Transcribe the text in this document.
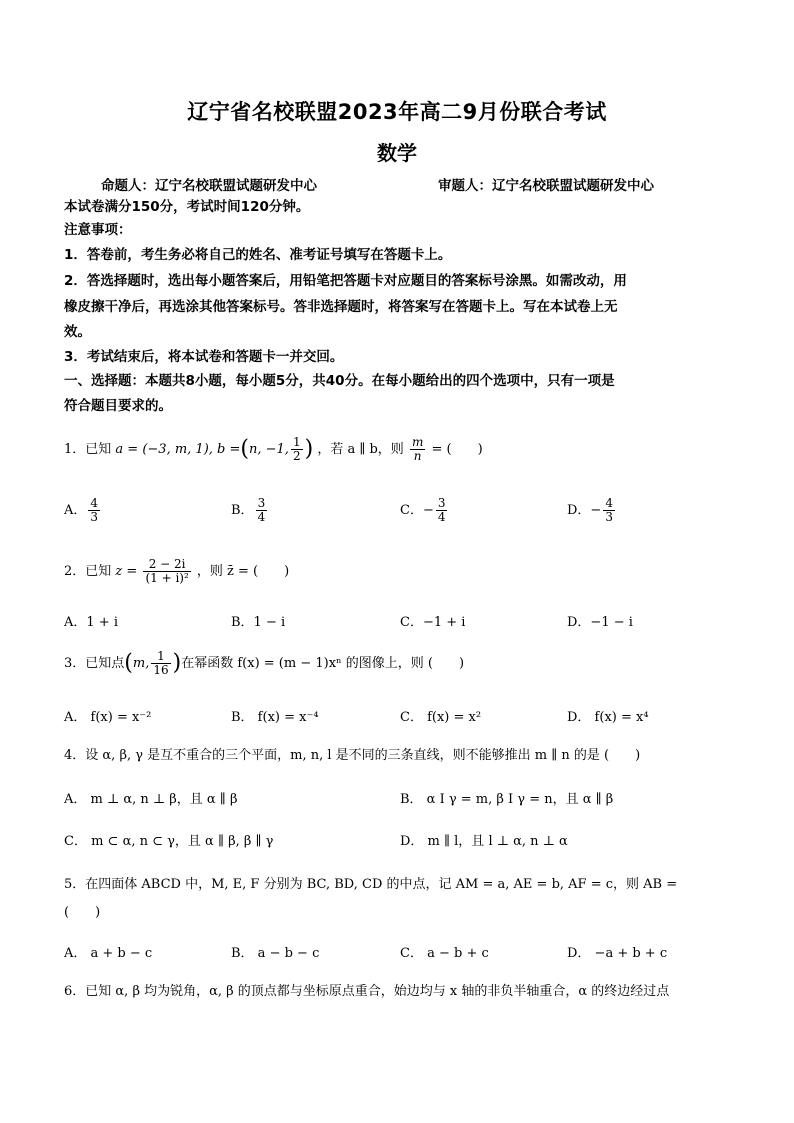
辽宁省名校联盟2023年高二9月份联合考试
数学
命题人：辽宁名校联盟试题研发中心	审题人：辽宁名校联盟试题研发中心
本试卷满分150分，考试时间120分钟。
注意事项：
1．答卷前，考生务必将自己的姓名、准考证号填写在答题卡上。
2．答选择题时，选出每小题答案后，用铅笔把答题卡对应题目的答案标号涂黑。如需改动，用
橡皮擦干净后，再选涂其他答案标号。答非选择题时，将答案写在答题卡上。写在本试卷上无
效。
3．考试结束后，将本试卷和答题卡一并交回。
一、选择题：本题共8小题，每小题5分，共40分。在每小题给出的四个选项中，只有一项是
符合题目要求的。
1．已知 a = (−3, m, 1), b =(n, −1, $\frac{1}{2}$ ) ，若 a ∥ b，则 $\frac{m}{n}$ = (　　)
A． $\frac{4}{3}$	B． $\frac{3}{4}$	C．− $\frac{3}{4}$	D．− $\frac{4}{3}$
2．已知 $z = \frac{2 - 2i}{\text{(1 + i)²}}$ ，则 z̄ = (　　)
A．1 + i	B．1 − i	C．−1 + i	D．−1 − i
3．已知点(m, $\frac{1}{16}$ )在幂函数 f(x) = (m − 1)xⁿ 的图像上，则 (　　)
A． f(x) = x⁻²	B． f(x) = x⁻⁴	C． f(x) = x²	D． f(x) = x⁴
4．设 α, β, γ 是互不重合的三个平面，m, n, l 是不同的三条直线，则不能够推出 m ∥ n 的是 (　　)
A． m ⊥ α, n ⊥ β，且 α ∥ β	B． α I γ = m, β I γ = n，且 α ∥ β
C． m ⊂ α, n ⊂ γ，且 α ∥ β, β ∥ γ	D． m ∥ l，且 l ⊥ α, n ⊥ α
5．在四面体 ABCD 中，M, E, F 分别为 BC, BD, CD 的中点，记 AM = a, AE = b, AF = c，则 AB =
(　　)
A． a + b − c	B． a − b − c	C． a − b + c	D． −a + b + c
6．已知 α, β 均为锐角，α, β 的顶点都与坐标原点重合，始边均与 x 轴的非负半轴重合，α 的终边经过点
